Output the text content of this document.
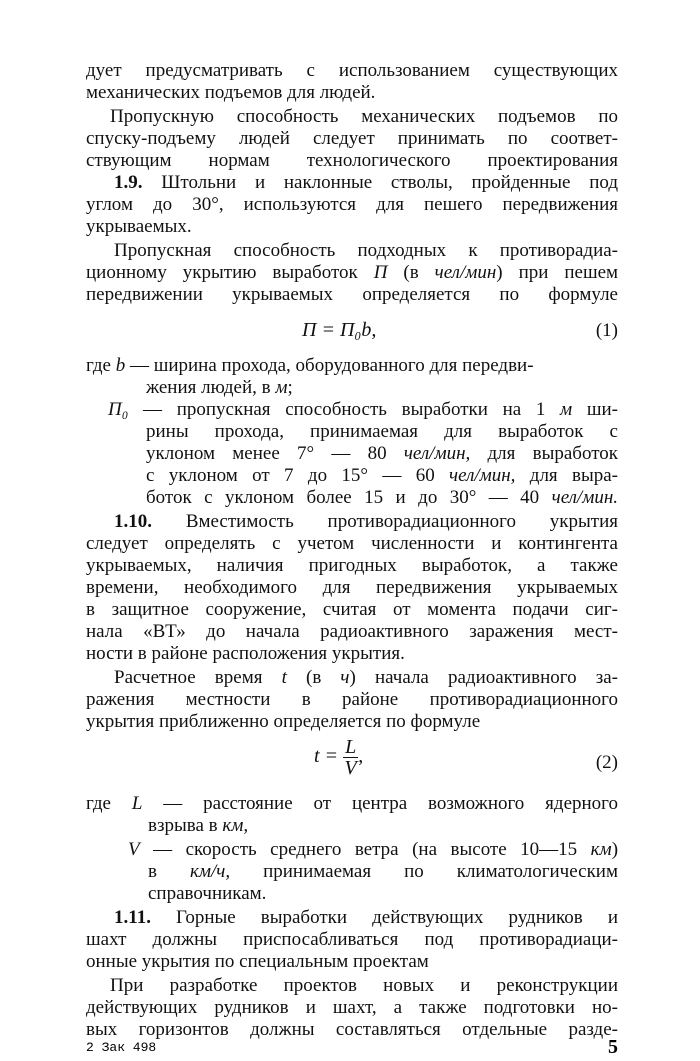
дует предусматривать с использованием существующих
механических подъемов для людей.
Пропускную способность механических подъемов по
спуску-подъему людей следует принимать по соответ-
ствующим нормам технологического проектирования
1.9. Штольни и наклонные стволы, пройденные под
углом до 30°, используются для пешего передвижения
укрываемых.
Пропускная способность подходных к противорадиа-
ционному укрытию выработок П (в чел/мин) при пешем
передвижении укрываемых определяется по формуле
П = П₀b,	(1)
где b — ширина прохода, оборудованного для передви-
жения людей, в м;
П₀ — пропускная способность выработки на 1 м ши-
рины прохода, принимаемая для выработок с
уклоном менее 7° — 80 чел/мин, для выработок
с уклоном от 7 до 15° — 60 чел/мин, для выра-
боток с уклоном более 15 и до 30° — 40 чел/мин.
1.10. Вместимость противорадиационного укрытия
следует определять с учетом численности и контингента
укрываемых, наличия пригодных выработок, а также
времени, необходимого для передвижения укрываемых
в защитное сооружение, считая от момента подачи сиг-
нала «ВТ» до начала радиоактивного заражения мест-
ности в районе расположения укрытия.
Расчетное время t (в ч) начала радиоактивного за-
ражения местности в районе противорадиационного
укрытия приближенно определяется по формуле
$t = \frac{L}{V}$ ,	(2)
где L — расстояние от центра возможного ядерного
взрыва в км,
V — скорость среднего ветра (на высоте 10—15 км)
в км/ч, принимаемая по климатологическим
справочникам.
1.11. Горные выработки действующих рудников и
шахт должны приспосабливаться под противорадиаци-
онные укрытия по специальным проектам
При разработке проектов новых и реконструкции
действующих рудников и шахт, а также подготовки но-
вых горизонтов должны составляться отдельные разде-
2 Зак 498	5
